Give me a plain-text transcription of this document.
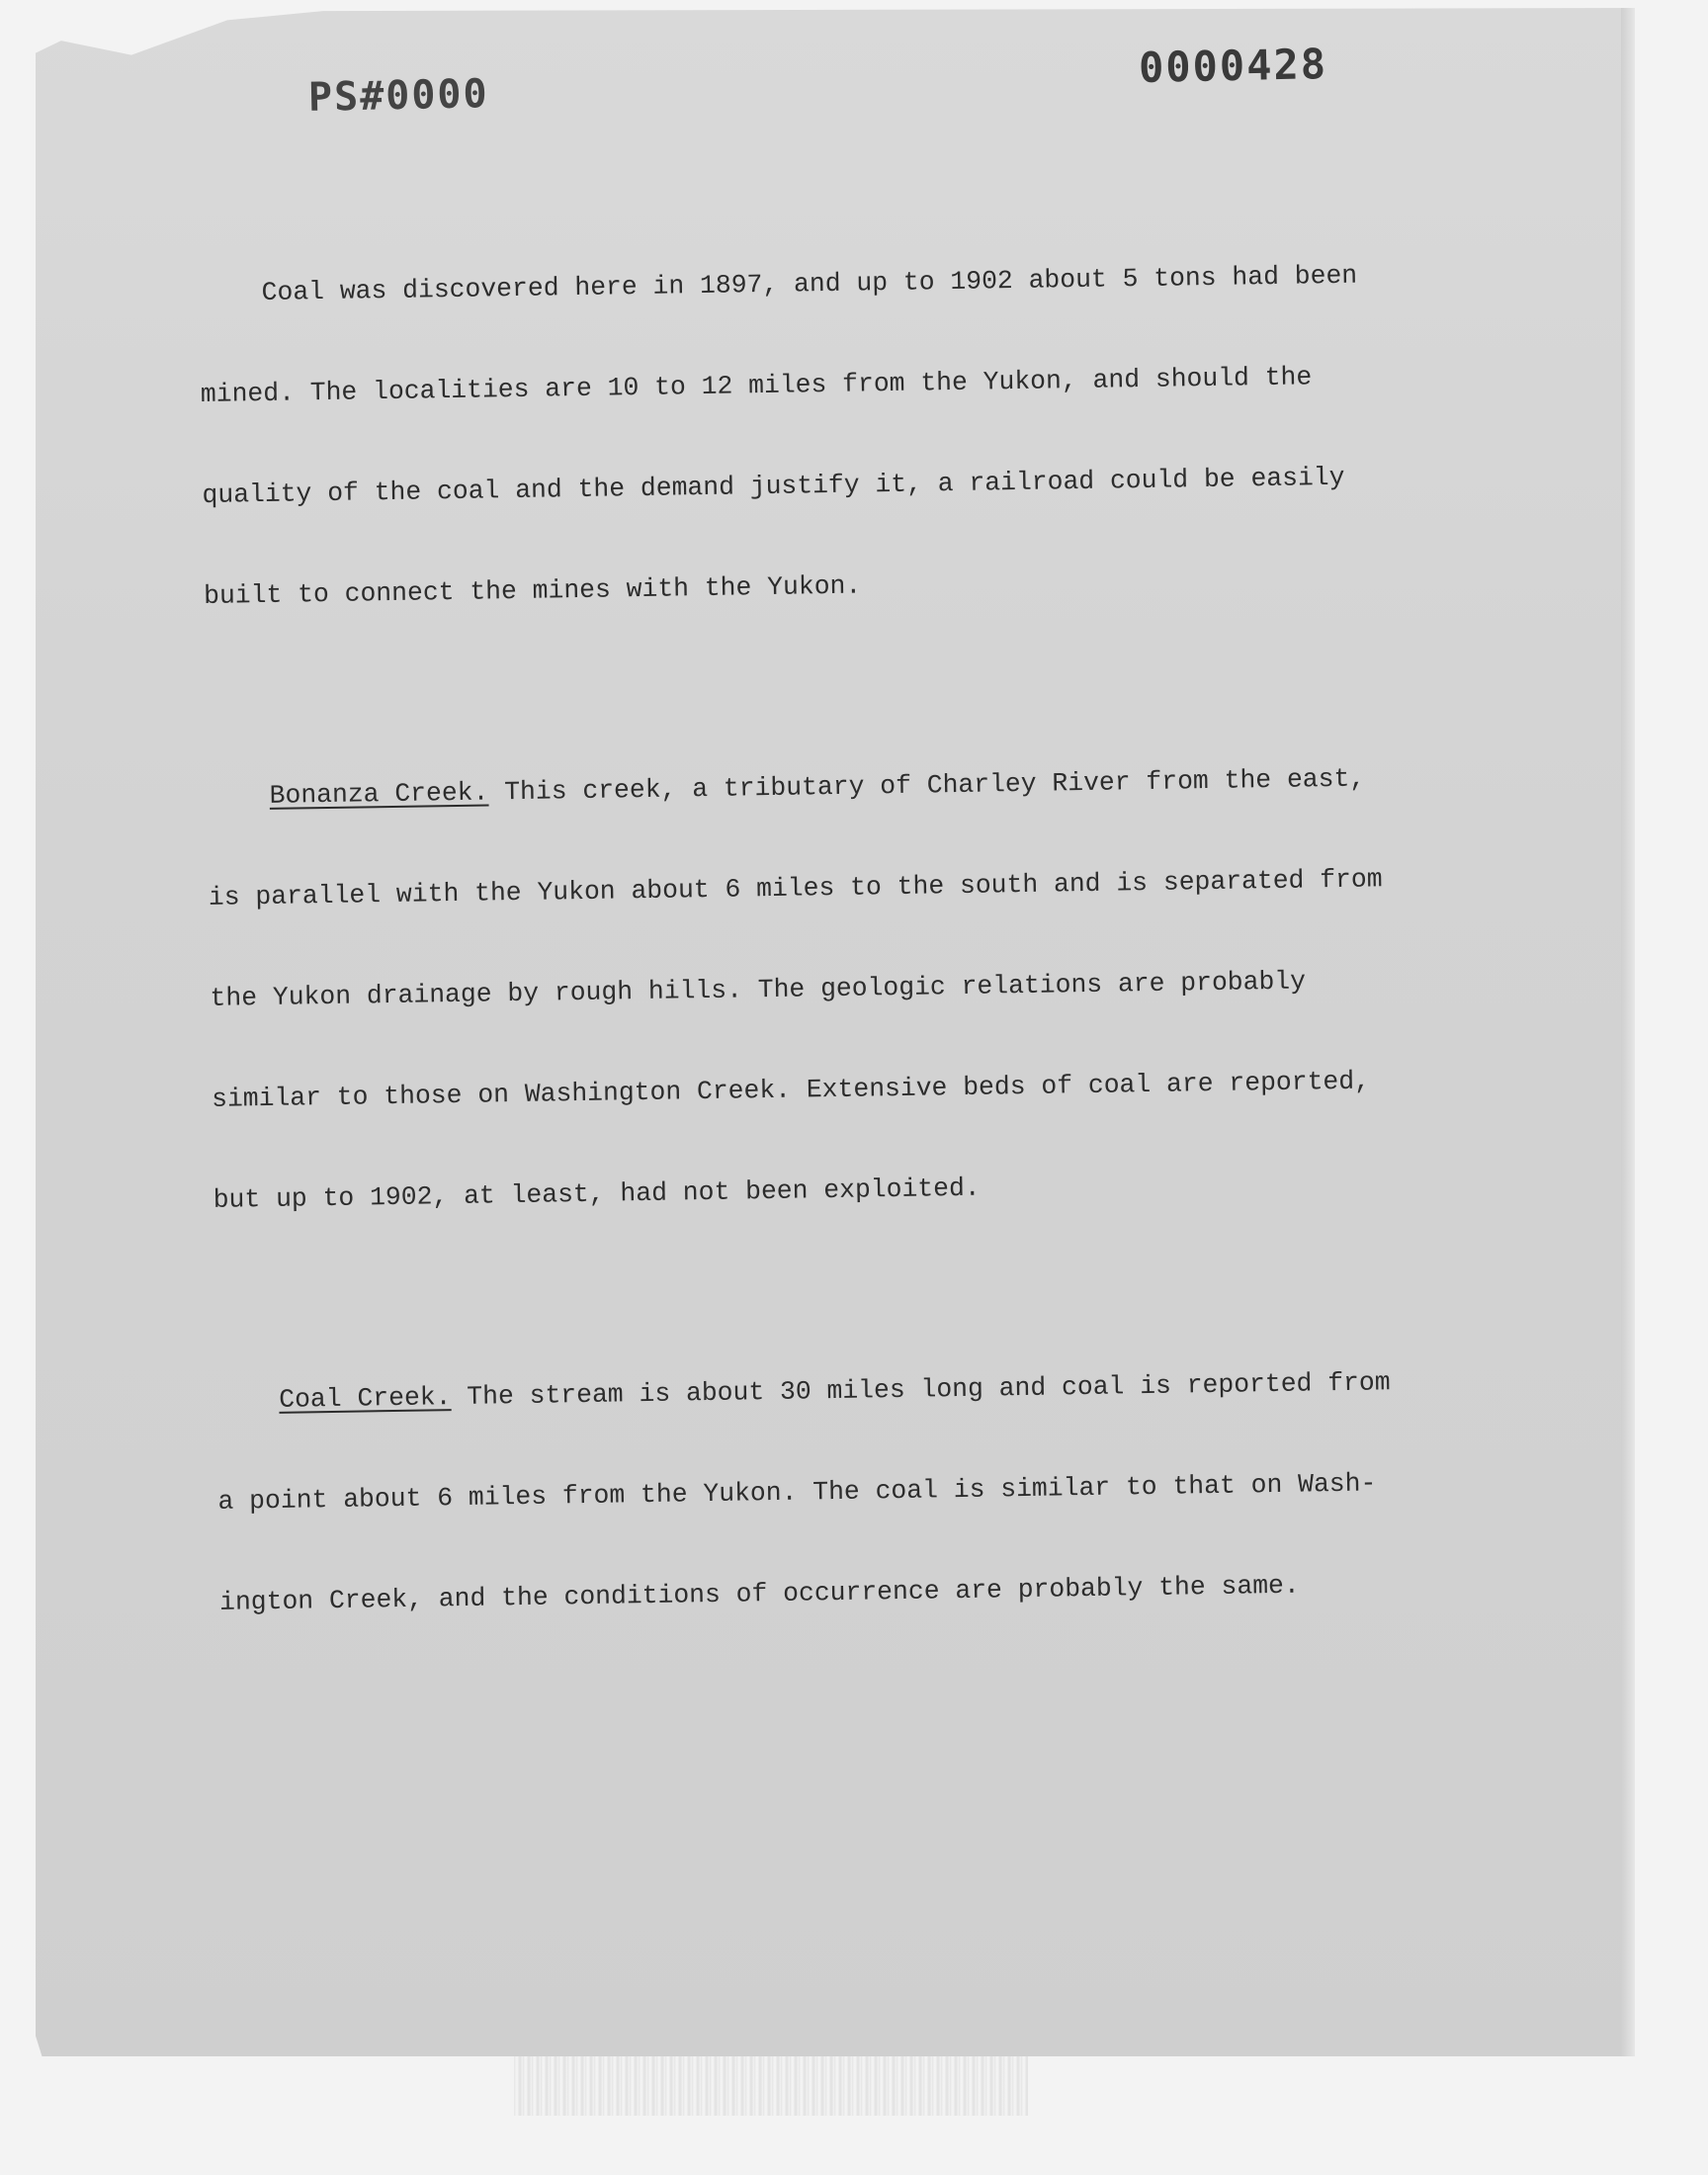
PS#0000
0000428

Coal was discovered here in 1897, and up to 1902 about 5 tons had been

mined. The localities are 10 to 12 miles from the Yukon, and should the

quality of the coal and the demand justify it, a railroad could be easily

built to connect the mines with the Yukon.

Bonanza Creek. This creek, a tributary of Charley River from the east,

is parallel with the Yukon about 6 miles to the south and is separated from

the Yukon drainage by rough hills. The geologic relations are probably

similar to those on Washington Creek. Extensive beds of coal are reported,

but up to 1902, at least, had not been exploited.

Coal Creek. The stream is about 30 miles long and coal is reported from

a point about 6 miles from the Yukon. The coal is similar to that on Wash-

ington Creek, and the conditions of occurrence are probably the same.
